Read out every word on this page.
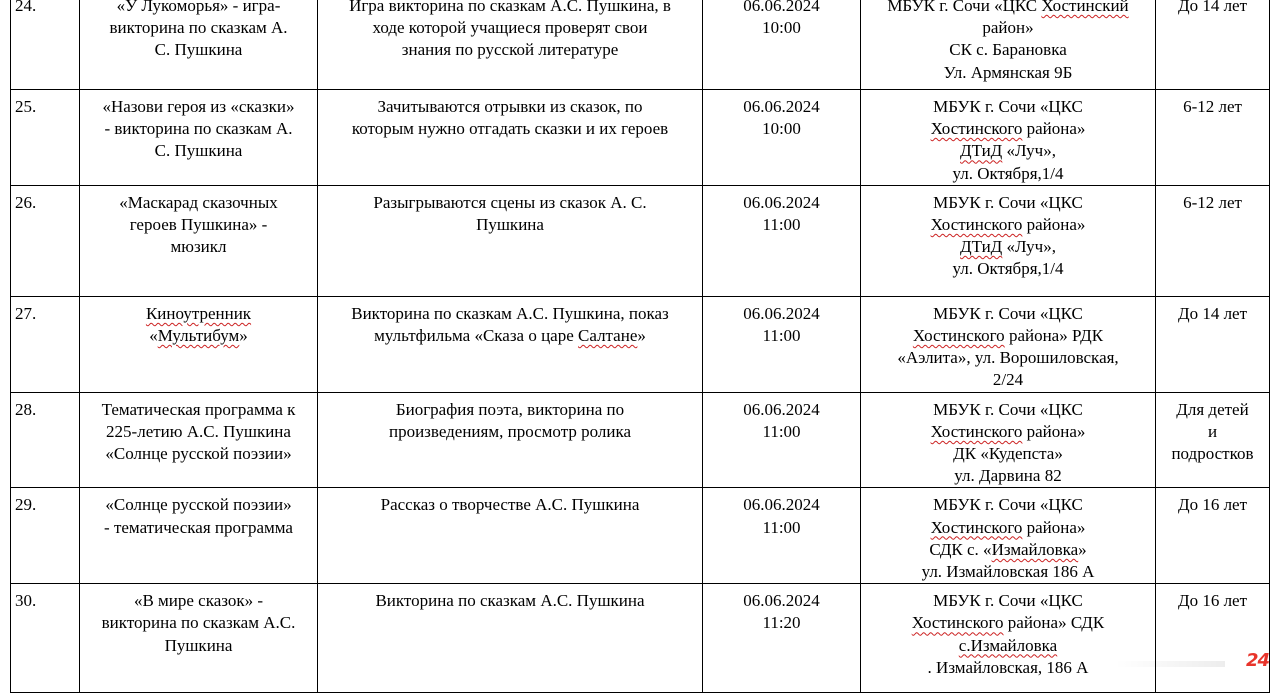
24.	«У Лукоморья» - игра-
викторина по сказкам А.
С. Пушкина	Игра викторина по сказкам А.С. Пушкина, в
ходе которой учащиеся проверят свои
знания по русской литературе	06.06.2024
10:00	МБУК г. Сочи «ЦКС Хостинский
район»
СК с. Барановка
Ул. Армянская 9Б	До 14 лет

25.	«Назови героя из «сказки»
- викторина по сказкам А.
С. Пушкина	Зачитываются отрывки из сказок, по
которым нужно отгадать сказки и их героев	06.06.2024
10:00	МБУК г. Сочи «ЦКС
Хостинского района»
ДТиД «Луч»,
ул. Октября,1/4	6-12 лет

26.	«Маскарад сказочных
героев Пушкина» -
мюзикл	Разыгрываются сцены из сказок А. С.
Пушкина	06.06.2024
11:00	МБУК г. Сочи «ЦКС
Хостинского района»
ДТиД «Луч»,
ул. Октября,1/4	6-12 лет

27.	Киноутренник
«Мультибум»	Викторина по сказкам А.С. Пушкина, показ
мультфильма «Сказа о царе Салтане»	06.06.2024
11:00	МБУК г. Сочи «ЦКС
Хостинского района» РДК
«Аэлита», ул. Ворошиловская,
2/24	До 14 лет

28.	Тематическая программа к
225-летию А.С. Пушкина
«Солнце русской поэзии»	Биография поэта, викторина по
произведениям, просмотр ролика	06.06.2024
11:00	МБУК г. Сочи «ЦКС
Хостинского района»
ДК «Кудепста»
ул. Дарвина 82	Для детей
и
подростков

29.	«Солнце русской поэзии»
- тематическая программа	Рассказ о творчестве А.С. Пушкина	06.06.2024
11:00	МБУК г. Сочи «ЦКС
Хостинского района»
СДК с. «Измайловка»
ул. Измайловская 186 А	До 16 лет

30.	«В мире сказок» -
викторина по сказкам А.С.
Пушкина	Викторина по сказкам А.С. Пушкина	06.06.2024
11:20	МБУК г. Сочи «ЦКС
Хостинского района» СДК
с.Измайловка
. Измайловская, 186 А	До 16 лет
24
